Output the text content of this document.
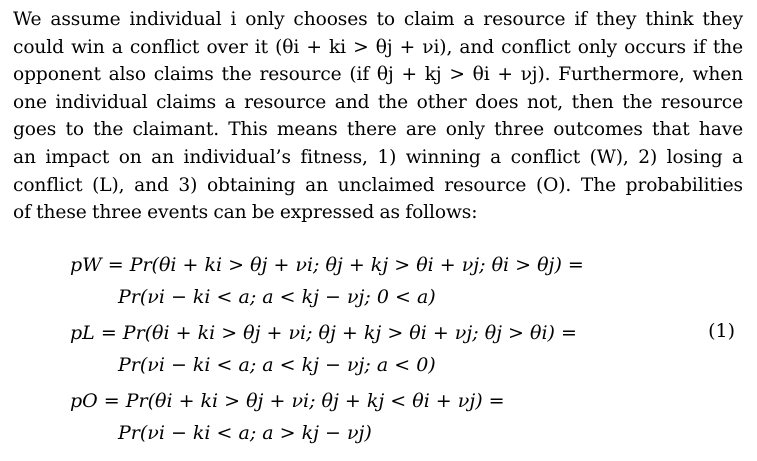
We assume individual i only chooses to claim a resource if they think they
could win a conflict over it (θi + ki > θj + νi), and conflict only occurs if the
opponent also claims the resource (if θj + kj > θi + νj). Furthermore, when
one individual claims a resource and the other does not, then the resource
goes to the claimant. This means there are only three outcomes that have
an impact on an individual’s fitness, 1) winning a conflict (W), 2) losing a
conflict (L), and 3) obtaining an unclaimed resource (O). The probabilities
of these three events can be expressed as follows:
pW = Pr(θi + ki > θj + νi; θj + kj > θi + νj; θi > θj) =
Pr(νi − ki < a; a < kj − νj; 0 < a)
pL = Pr(θi + ki > θj + νi; θj + kj > θi + νj; θj > θi) =
Pr(νi − ki < a; a < kj − νj; a < 0)
pO = Pr(θi + ki > θj + νi; θj + kj < θi + νj) =
Pr(νi − ki < a; a > kj − νj)
(1)
